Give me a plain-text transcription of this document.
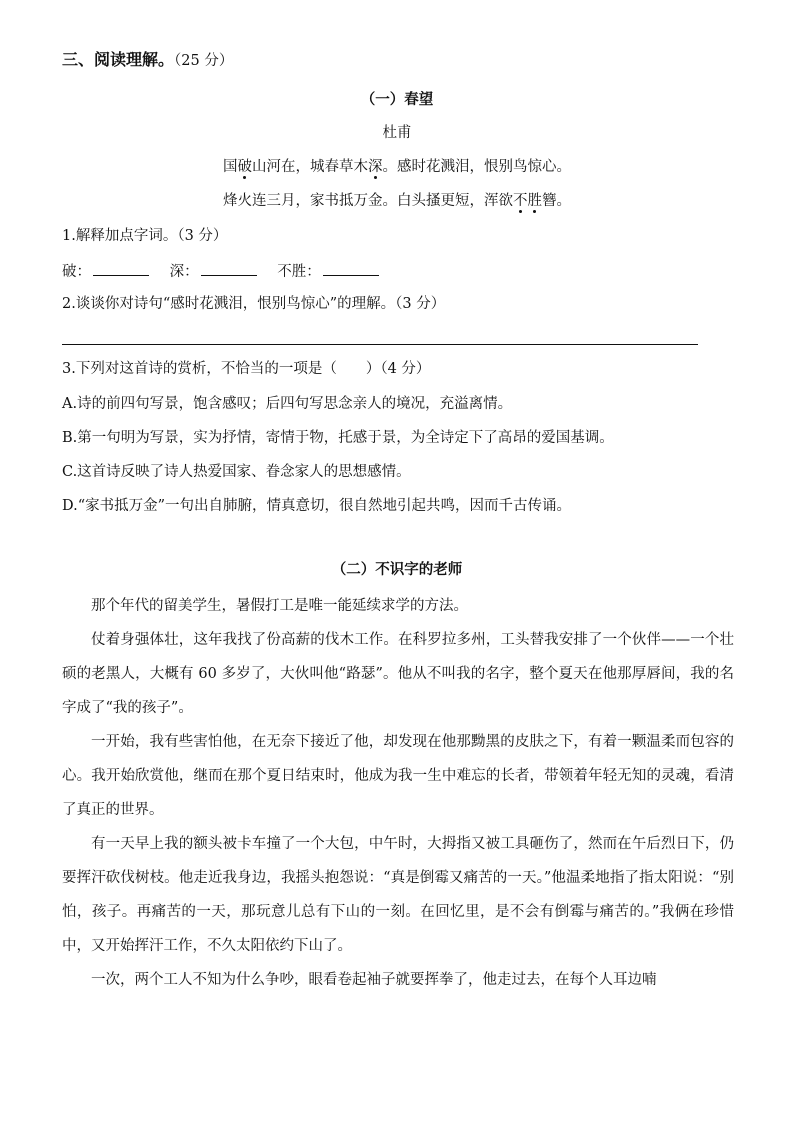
三、阅读理解。（25 分）
（一）春望
杜甫
国破山河在，城春草木深。感时花溅泪，恨别鸟惊心。
烽火连三月，家书抵万金。白头搔更短，浑欲不胜簪。
1.解释加点字词。（3 分）
破：	深：	不胜：
2.谈谈你对诗句“感时花溅泪，恨别鸟惊心”的理解。（3 分）
3.下列对这首诗的赏析，不恰当的一项是（　　）（4 分）
A.诗的前四句写景，饱含感叹；后四句写思念亲人的境况，充溢离情。
B.第一句明为写景，实为抒情，寄情于物，托感于景，为全诗定下了高昂的爱国基调。
C.这首诗反映了诗人热爱国家、眷念家人的思想感情。
D.“家书抵万金”一句出自肺腑，情真意切，很自然地引起共鸣，因而千古传诵。
（二）不识字的老师
那个年代的留美学生，暑假打工是唯一能延续求学的方法。
仗着身强体壮，这年我找了份高薪的伐木工作。在科罗拉多州，工头替我安排了一个伙伴——一个壮硕的老黑人，大概有 60 多岁了，大伙叫他“路瑟”。他从不叫我的名字，整个夏天在他那厚唇间，我的名字成了“我的孩子”。
一开始，我有些害怕他，在无奈下接近了他，却发现在他那黝黑的皮肤之下，有着一颗温柔而包容的心。我开始欣赏他，继而在那个夏日结束时，他成为我一生中难忘的长者，带领着年轻无知的灵魂，看清了真正的世界。
有一天早上我的额头被卡车撞了一个大包，中午时，大拇指又被工具砸伤了，然而在午后烈日下，仍要挥汗砍伐树枝。他走近我身边，我摇头抱怨说：“真是倒霉又痛苦的一天。”他温柔地指了指太阳说：“别怕，孩子。再痛苦的一天，那玩意儿总有下山的一刻。在回忆里，是不会有倒霉与痛苦的。”我俩在珍惜中，又开始挥汗工作，不久太阳依约下山了。
一次，两个工人不知为什么争吵，眼看卷起袖子就要挥拳了，他走过去，在每个人耳边喃
